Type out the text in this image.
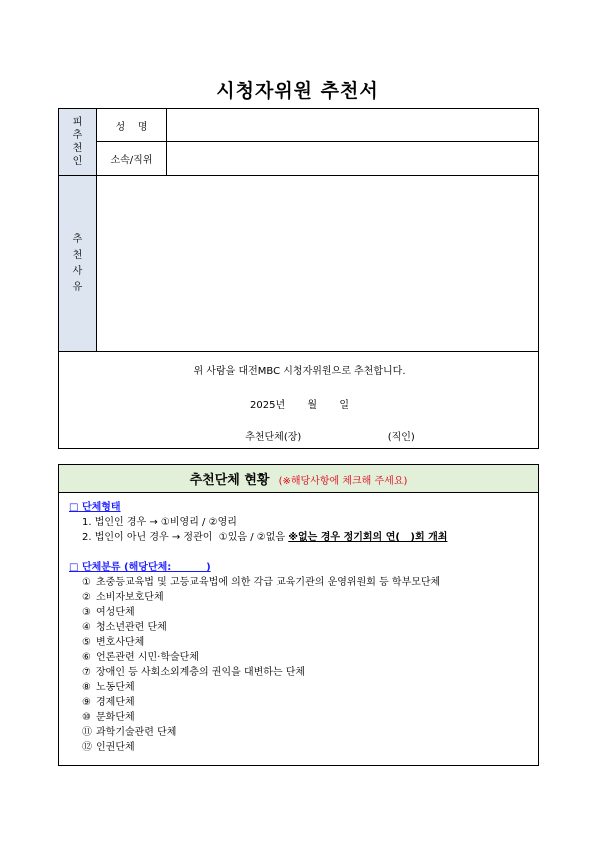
시청자위원 추천서
피추천인	성    명	
	소속/직위	
추천사유		

위 사람을 대전MBC 시청자위원으로 추천합니다.
2025년 월 일
추천단체(장) (직인)		
추천단체 현황 (※해당사항에 체크해 주세요)
□ 단체형태
1. 법인인 경우 → ①비영리 / ②영리
2. 법인이 아닌 경우 → 정관이  ①있음 / ②없음 ※없는 경우 정기회의 연(   )회 개최
□ 단체분류 (해당단체:          )
① 초중등교육법 및 고등교육법에 의한 각급 교육기관의 운영위원회 등 학부모단체
② 소비자보호단체
③ 여성단체
④ 청소년관련 단체
⑤ 변호사단체
⑥ 언론관련 시민·학술단체
⑦ 장애인 등 사회소외계층의 권익을 대변하는 단체
⑧ 노동단체
⑨ 경제단체
⑩ 문화단체
⑪ 과학기술관련 단체
⑫ 인권단체
